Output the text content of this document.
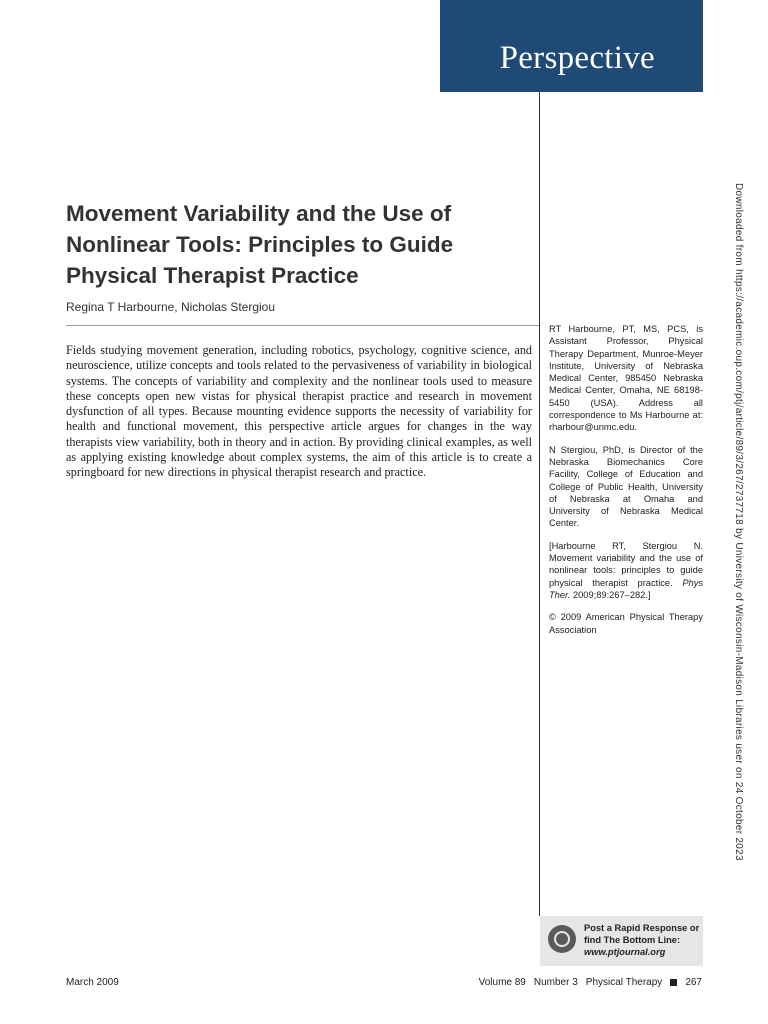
Perspective
Movement Variability and the Use of Nonlinear Tools: Principles to Guide Physical Therapist Practice
Regina T Harbourne, Nicholas Stergiou

Fields studying movement generation, including robotics, psychology, cognitive science, and neuroscience, utilize concepts and tools related to the pervasiveness of variability in biological systems. The concepts of variability and complexity and the nonlinear tools used to measure these concepts open new vistas for physical therapist practice and research in movement dysfunction of all types. Because mounting evidence supports the necessity of variability for health and functional movement, this perspective article argues for changes in the way therapists view variability, both in theory and in action. By providing clinical examples, as well as applying existing knowledge about complex systems, the aim of this article is to create a springboard for new directions in physical therapist research and practice.

RT Harbourne, PT, MS, PCS, is Assistant Professor, Physical Therapy Department, Munroe-Meyer Institute, University of Nebraska Medical Center, 985450 Nebraska Medical Center, Omaha, NE 68198-5450 (USA). Address all correspondence to Ms Harbourne at: rharbour@unmc.edu.

N Stergiou, PhD, is Director of the Nebraska Biomechanics Core Facility, College of Education and College of Public Health, University of Nebraska at Omaha and University of Nebraska Medical Center.

[Harbourne RT, Stergiou N. Movement variability and the use of nonlinear tools: principles to guide physical therapist practice. Phys Ther. 2009;89:267–282.]

© 2009 American Physical Therapy Association

Post a Rapid Response or
find The Bottom Line:
www.ptjournal.org
March 2009	Volume 89 Number 3 Physical Therapy 267
Downloaded from https://academic.oup.com/ptj/article/89/3/267/2737718 by University of Wisconsin-Madison Libraries user on 24 October 2023
